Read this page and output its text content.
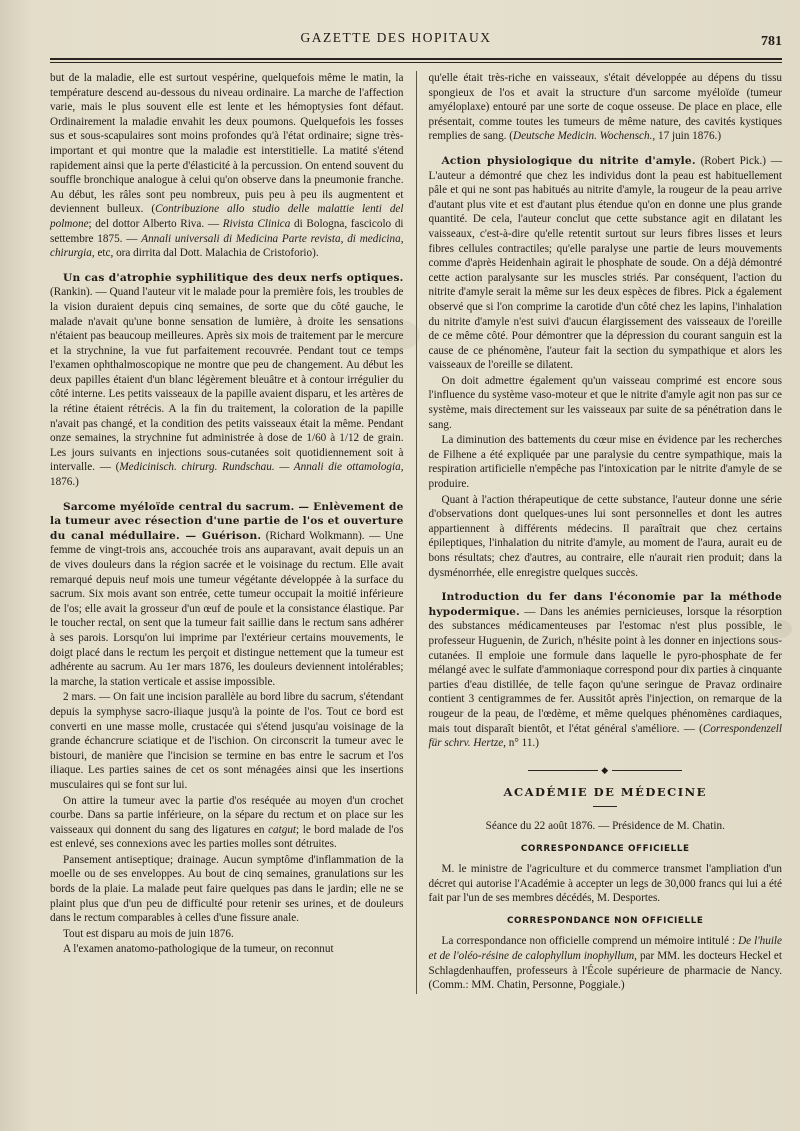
GAZETTE DES HOPITAUX	781

but de la maladie, elle est surtout vespérine, quelquefois même le matin, la température descend au-dessous du niveau ordinaire. La marche de l'affection varie, mais le plus souvent elle est lente et les hémoptysies font défaut. Ordinairement la maladie envahit les deux poumons. Quelquefois les fosses sus et sous-scapulaires sont moins profondes qu'à l'état ordinaire; signe très-important et qui montre que la maladie est interstitielle. La matité s'étend rapidement ainsi que la perte d'élasticité à la percussion. On entend souvent du souffle bronchique analogue à celui qu'on observe dans la pneumonie franche. Au début, les râles sont peu nombreux, puis peu à peu ils augmentent et deviennent bulleux. (Contribuzione allo studio delle malattie lenti del polmone; del dottor Alberto Riva. — Rivista Clinica di Bologna, fascicolo di settembre 1875. — Annali universali di Medicina Parte revista, di medicina, chirurgia, etc, ora dirrita dal Dott. Malachia de Cristoforio).

Un cas d'atrophie syphilitique des deux nerfs optiques. (Rankin). — Quand l'auteur vit le malade pour la première fois, les troubles de la vision duraient depuis cinq semaines, de sorte que du côté gauche, le malade n'avait qu'une bonne sensation de lumière, à droite les sensations n'étaient pas beaucoup meilleures. Après six mois de traitement par le mercure et la strychnine, la vue fut parfaitement recouvrée. Pendant tout ce temps l'examen ophthalmoscopique ne montre que peu de changement. Au début les deux papilles étaient d'un blanc légèrement bleuâtre et à contour irrégulier du côté interne. Les petits vaisseaux de la papille avaient disparu, et les artères de la rétine étaient rétrécis. A la fin du traitement, la coloration de la papille n'avait pas changé, et la condition des petits vaisseaux était la même. Pendant onze semaines, la strychnine fut administrée à dose de 1/60 à 1/12 de grain. Les jours suivants en injections sous-cutanées soit quotidiennement soit à intervalle. — (Medicinisch. chirurg. Rundschau. — Annali die ottamologia, 1876.)

Sarcome myéloïde central du sacrum. — Enlèvement de la tumeur avec résection d'une partie de l'os et ouverture du canal médullaire. — Guérison. (Richard Wolkmann). — Une femme de vingt-trois ans, accouchée trois ans auparavant, avait depuis un an de vives douleurs dans la région sacrée et le voisinage du rectum. Elle avait remarqué depuis neuf mois une tumeur végétante développée à la surface du sacrum. Six mois avant son entrée, cette tumeur occupait la moitié inférieure de l'os; elle avait la grosseur d'un œuf de poule et la consistance élastique. Par le toucher rectal, on sent que la tumeur fait saillie dans le rectum sans adhérer à ses parois. Lorsqu'on lui imprime par l'extérieur certains mouvements, le doigt placé dans le rectum les perçoit et distingue nettement que la tumeur est adhérente au sacrum. Au 1er mars 1876, les douleurs deviennent intolérables; la marche, la station verticale et assise impossible.

2 mars. — On fait une incision parallèle au bord libre du sacrum, s'étendant depuis la symphyse sacro-iliaque jusqu'à la pointe de l'os. Tout ce bord est converti en une masse molle, crustacée qui s'étend jusqu'au voisinage de la grande échancrure sciatique et de l'ischion. On circonscrit la tumeur avec le bistouri, de manière que l'incision se termine en bas entre le sacrum et l'os iliaque. Les parties saines de cet os sont ménagées ainsi que les insertions musculaires qui se font sur lui.

On attire la tumeur avec la partie d'os reséquée au moyen d'un crochet courbe. Dans sa partie inférieure, on la sépare du rectum et on place sur les vaisseaux qui donnent du sang des ligatures en catgut; le bord malade de l'os est enlevé, ses connexions avec les parties molles sont détruites.

Pansement antiseptique; drainage. Aucun symptôme d'inflammation de la moelle ou de ses enveloppes. Au bout de cinq semaines, granulations sur les bords de la plaie. La malade peut faire quelques pas dans le jardin; elle ne se plaint plus que d'un peu de difficulté pour retenir ses urines, et de douleurs dans le rectum comparables à celles d'une fissure anale.

Tout est disparu au mois de juin 1876.

A l'examen anatomo-pathologique de la tumeur, on reconnut

qu'elle était très-riche en vaisseaux, s'était développée au dépens du tissu spongieux de l'os et avait la structure d'un sarcome myéloïde (tumeur amyéloplaxe) entouré par une sorte de coque osseuse. De place en place, elle présentait, comme toutes les tumeurs de même nature, des cavités kystiques remplies de sang. (Deutsche Medicin. Wochensch., 17 juin 1876.)

Action physiologique du nitrite d'amyle. (Robert Pick.) — L'auteur a démontré que chez les individus dont la peau est habituellement pâle et qui ne sont pas habitués au nitrite d'amyle, la rougeur de la peau arrive d'autant plus vite et est d'autant plus étendue qu'on en donne une plus grande quantité. De cela, l'auteur conclut que cette substance agit en dilatant les vaisseaux, c'est-à-dire qu'elle retentit surtout sur leurs fibres lisses et leurs fibres cellules contractiles; qu'elle paralyse une partie de leurs mouvements comme d'après Heidenhain agirait le phosphate de soude. On a déjà démontré cette action paralysante sur les muscles striés. Par conséquent, l'action du nitrite d'amyle serait la même sur les deux espèces de fibres. Pick a également observé que si l'on comprime la carotide d'un côté chez les lapins, l'inhalation du nitrite d'amyle n'est suivi d'aucun élargissement des vaisseaux de l'oreille de ce même côté. Pour démontrer que la dépression du courant sanguin est la cause de ce phénomène, l'auteur fait la section du sympathique et alors les vaisseaux de l'oreille se dilatent.

On doit admettre également qu'un vaisseau comprimé est encore sous l'influence du système vaso-moteur et que le nitrite d'amyle agit non pas sur ce système, mais directement sur les vaisseaux par suite de sa pénétration dans le sang.

La diminution des battements du cœur mise en évidence par les recherches de Filhene a été expliquée par une paralysie du centre sympathique, mais la respiration artificielle n'empêche pas l'intoxication par le nitrite d'amyle de se produire.

Quant à l'action thérapeutique de cette substance, l'auteur donne une série d'observations dont quelques-unes lui sont personnelles et dont les autres appartiennent à différents médecins. Il paraîtrait que chez certains épileptiques, l'inhalation du nitrite d'amyle, au moment de l'aura, aurait eu de bons résultats; chez d'autres, au contraire, elle n'aurait rien produit; dans la dysménorrhée, elle enregistre quelques succès.

Introduction du fer dans l'économie par la méthode hypodermique. — Dans les anémies pernicieuses, lorsque la résorption des substances médicamenteuses par l'estomac n'est plus possible, le professeur Huguenin, de Zurich, n'hésite point à les donner en injections sous-cutanées. Il emploie une formule dans laquelle le pyro-phosphate de fer mélangé avec le sulfate d'ammoniaque correspond pour dix parties à cinquante parties d'eau distillée, de telle façon qu'une seringue de Pravaz ordinaire contient 3 centigrammes de fer. Aussitôt après l'injection, on remarque de la rougeur de la peau, de l'œdème, et même quelques phénomènes cardiaques, mais tout disparaît bientôt, et l'état général s'améliore. — (Correspondenzell für schrv. Hertze, n° 11.)

◆
ACADÉMIE DE MÉDECINE
Séance du 22 août 1876. — Présidence de M. Chatin.
CORRESPONDANCE OFFICIELLE

M. le ministre de l'agriculture et du commerce transmet l'ampliation d'un décret qui autorise l'Académie à accepter un legs de 30,000 francs qui lui a été fait par l'un de ses membres décédés, M. Desportes.

CORRESPONDANCE NON OFFICIELLE

La correspondance non officielle comprend un mémoire intitulé : De l'huile et de l'oléo-résine de calophyllum inophyllum, par MM. les docteurs Heckel et Schlagdenhauffen, professeurs à l'École supérieure de pharmacie de Nancy. (Comm.: MM. Chatin, Personne, Poggiale.)
